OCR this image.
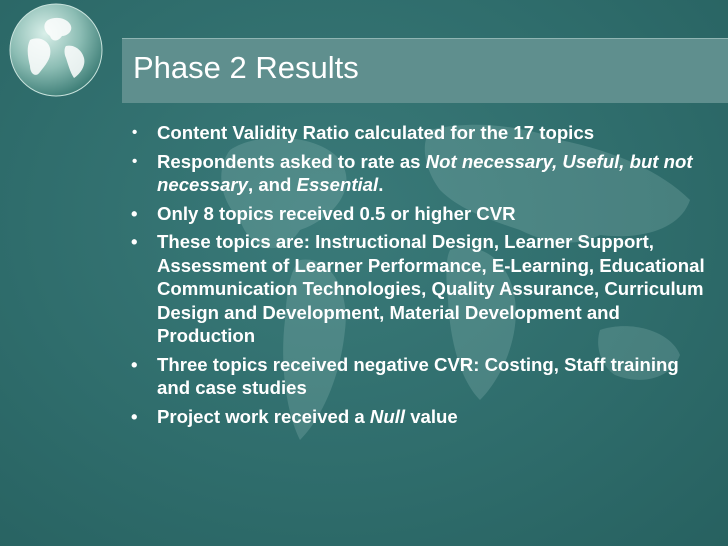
Phase 2 Results
•	Content Validity Ratio calculated for the 17 topics
•	Respondents asked to rate as Not necessary, Useful, but not necessary, and Essential.
•	Only 8 topics received 0.5 or higher CVR
•	These topics are: Instructional Design, Learner Support, Assessment of Learner Performance, E-Learning, Educational Communication Technologies, Quality Assurance, Curriculum Design and Development, Material Development and Production
•	Three topics received negative CVR: Costing, Staff training and case studies
•	Project work received a Null value
